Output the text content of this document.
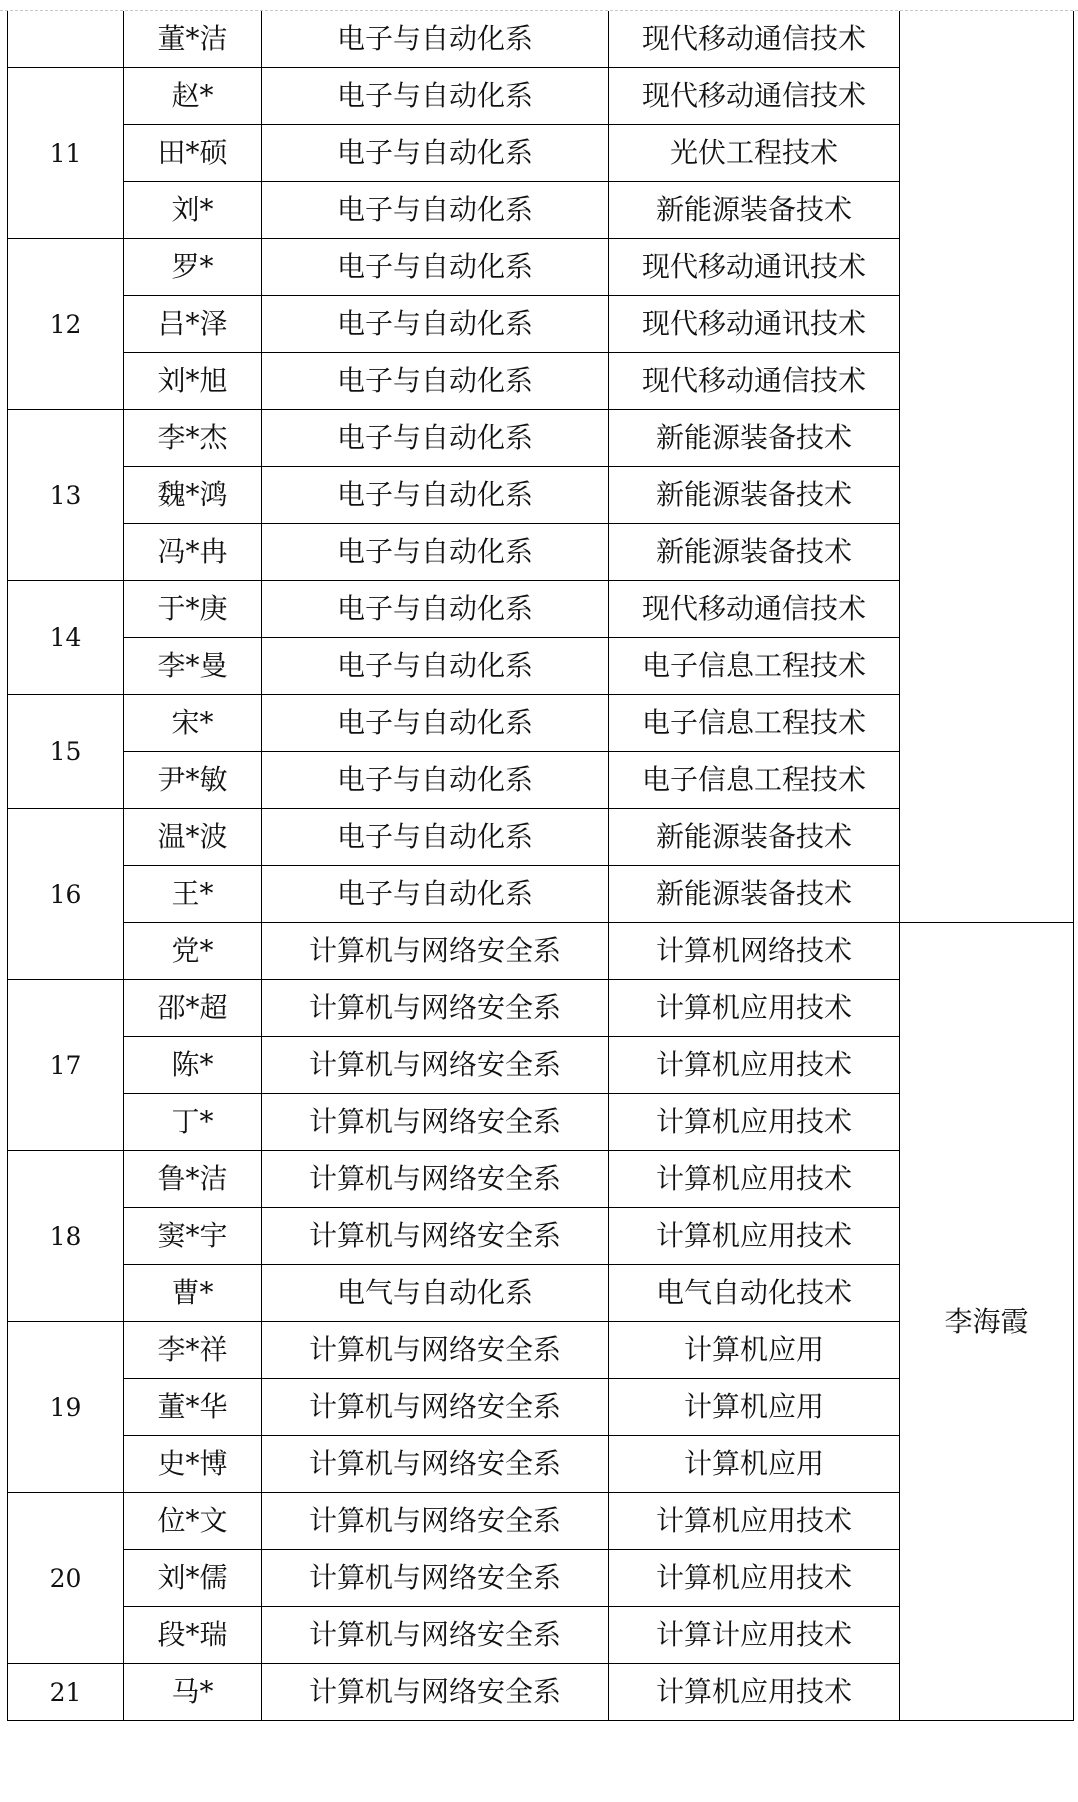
	董*洁	电子与自动化系	现代移动通信技术	
11	赵*	电子与自动化系	现代移动通信技术	
	田*硕	电子与自动化系	光伏工程技术	
	刘*	电子与自动化系	新能源装备技术	
12	罗*	电子与自动化系	现代移动通讯技术	
	吕*泽	电子与自动化系	现代移动通讯技术	
	刘*旭	电子与自动化系	现代移动通信技术	
13	李*杰	电子与自动化系	新能源装备技术	
	魏*鸿	电子与自动化系	新能源装备技术	
	冯*冉	电子与自动化系	新能源装备技术	
14	于*庚	电子与自动化系	现代移动通信技术	
	李*曼	电子与自动化系	电子信息工程技术	
15	宋*	电子与自动化系	电子信息工程技术	
	尹*敏	电子与自动化系	电子信息工程技术	
16	温*波	电子与自动化系	新能源装备技术	
	王*	电子与自动化系	新能源装备技术	
	党*	计算机与网络安全系	计算机网络技术	李海霞
17	邵*超	计算机与网络安全系	计算机应用技术	
	陈*	计算机与网络安全系	计算机应用技术	
	丁*	计算机与网络安全系	计算机应用技术	
18	鲁*洁	计算机与网络安全系	计算机应用技术	
	窦*宇	计算机与网络安全系	计算机应用技术	
	曹*	电气与自动化系	电气自动化技术	
19	李*祥	计算机与网络安全系	计算机应用	
	董*华	计算机与网络安全系	计算机应用	
	史*博	计算机与网络安全系	计算机应用	
20	位*文	计算机与网络安全系	计算机应用技术	
	刘*儒	计算机与网络安全系	计算机应用技术	
	段*瑞	计算机与网络安全系	计算计应用技术	
21	马*	计算机与网络安全系	计算机应用技术	
